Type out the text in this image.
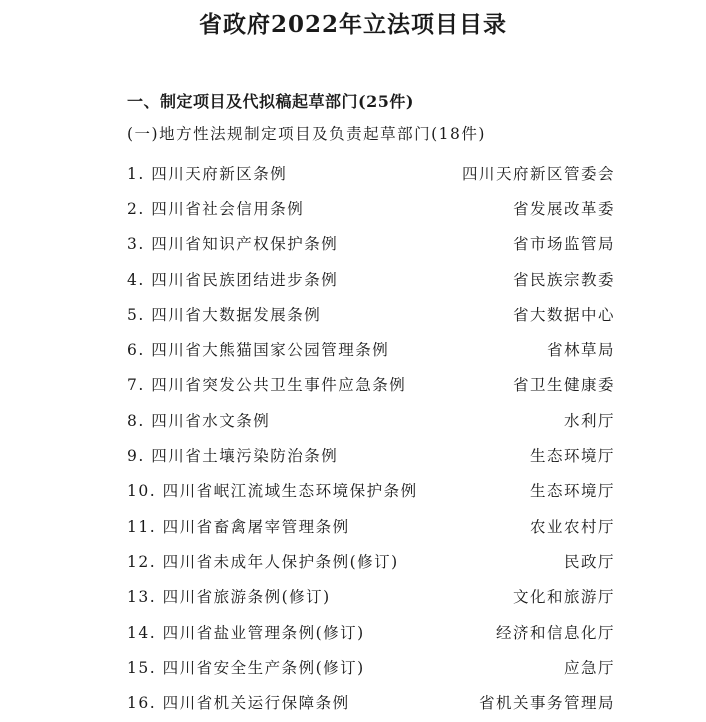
省政府2022年立法项目目录
一、制定项目及代拟稿起草部门(25件)
(一)地方性法规制定项目及负责起草部门(18件)
1. 四川天府新区条例	四川天府新区管委会
2. 四川省社会信用条例	省发展改革委
3. 四川省知识产权保护条例	省市场监管局
4. 四川省民族团结进步条例	省民族宗教委
5. 四川省大数据发展条例	省大数据中心
6. 四川省大熊猫国家公园管理条例	省林草局
7. 四川省突发公共卫生事件应急条例	省卫生健康委
8. 四川省水文条例	水利厅
9. 四川省土壤污染防治条例	生态环境厅
10. 四川省岷江流域生态环境保护条例	生态环境厅
11. 四川省畜禽屠宰管理条例	农业农村厅
12. 四川省未成年人保护条例(修订)	民政厅
13. 四川省旅游条例(修订)	文化和旅游厅
14. 四川省盐业管理条例(修订)	经济和信息化厅
15. 四川省安全生产条例(修订)	应急厅
16. 四川省机关运行保障条例	省机关事务管理局
